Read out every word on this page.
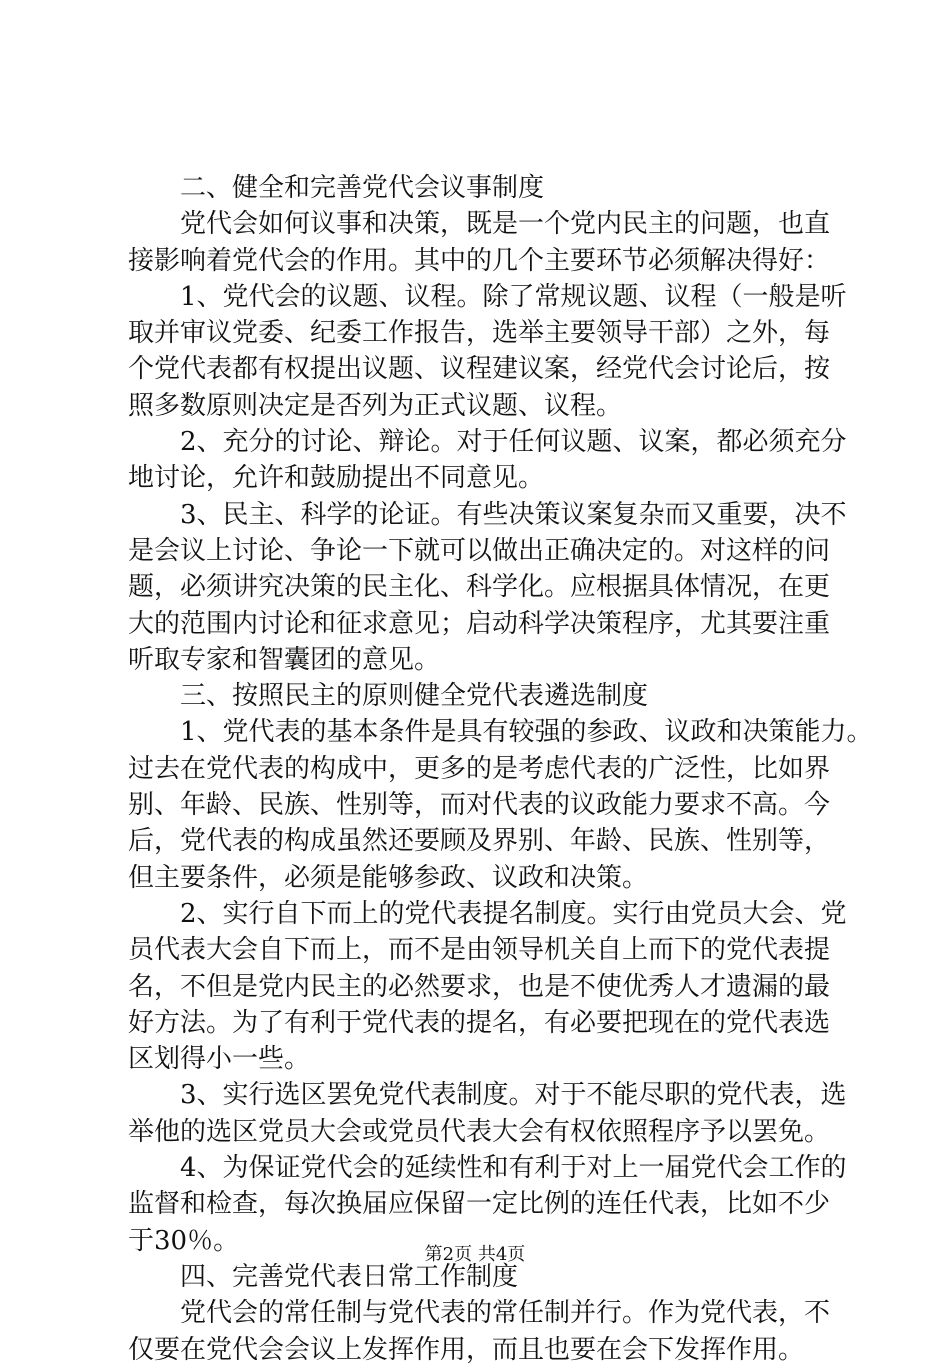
二、健全和完善党代会议事制度
党代会如何议事和决策，既是一个党内民主的问题，也直
接影响着党代会的作用。其中的几个主要环节必须解决得好：
1、党代会的议题、议程。除了常规议题、议程（一般是听
取并审议党委、纪委工作报告，选举主要领导干部）之外，每
个党代表都有权提出议题、议程建议案，经党代会讨论后，按
照多数原则决定是否列为正式议题、议程。
2、充分的讨论、辩论。对于任何议题、议案，都必须充分
地讨论，允许和鼓励提出不同意见。
3、民主、科学的论证。有些决策议案复杂而又重要，决不
是会议上讨论、争论一下就可以做出正确决定的。对这样的问
题，必须讲究决策的民主化、科学化。应根据具体情况，在更
大的范围内讨论和征求意见；启动科学决策程序，尤其要注重
听取专家和智囊团的意见。
三、按照民主的原则健全党代表遴选制度
1、党代表的基本条件是具有较强的参政、议政和决策能力。
过去在党代表的构成中，更多的是考虑代表的广泛性，比如界
别、年龄、民族、性别等，而对代表的议政能力要求不高。今
后，党代表的构成虽然还要顾及界别、年龄、民族、性别等，
但主要条件，必须是能够参政、议政和决策。
2、实行自下而上的党代表提名制度。实行由党员大会、党
员代表大会自下而上，而不是由领导机关自上而下的党代表提
名，不但是党内民主的必然要求，也是不使优秀人才遗漏的最
好方法。为了有利于党代表的提名，有必要把现在的党代表选
区划得小一些。
3、实行选区罢免党代表制度。对于不能尽职的党代表，选
举他的选区党员大会或党员代表大会有权依照程序予以罢免。
4、为保证党代会的延续性和有利于对上一届党代会工作的
监督和检查，每次换届应保留一定比例的连任代表，比如不少
于30％。
四、完善党代表日常工作制度
党代会的常任制与党代表的常任制并行。作为党代表，不
仅要在党代会会议上发挥作用，而且也要在会下发挥作用。
第2页 共4页
